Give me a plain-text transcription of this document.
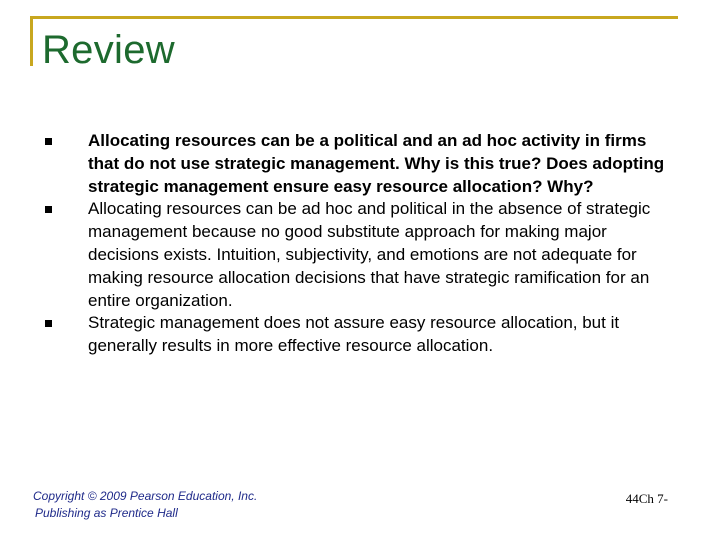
Review
Allocating resources can be a political and an ad hoc activity in firms that do not use strategic management. Why is this true? Does adopting strategic management ensure easy resource allocation? Why?
Allocating resources can be ad hoc and political in the absence of strategic management because no good substitute approach for making major decisions exists. Intuition, subjectivity, and emotions are not adequate for making resource allocation decisions that have strategic ramification for an entire organization.
Strategic management does not assure easy resource allocation, but it generally results in more effective resource allocation.
Copyright © 2009 Pearson Education, Inc.
Publishing as Prentice Hall
44Ch 7-
